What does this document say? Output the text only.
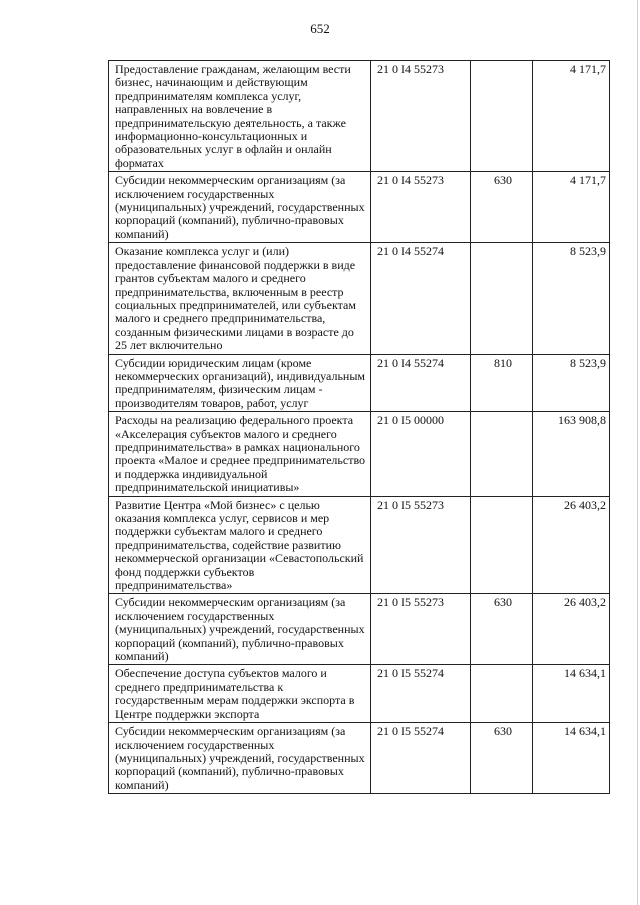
652
Предоставление гражданам, желающим вести бизнес, начинающим и действующим предпринимателям комплекса услуг, направленных на вовлечение в предпринимательскую деятельность, а также информационно-консультационных и образовательных услуг в офлайн и онлайн форматах	21 0 I4 55273		4 171,7
Субсидии некоммерческим организациям (за исключением государственных (муниципальных) учреждений, государственных корпораций (компаний), публично-правовых компаний)	21 0 I4 55273	630	4 171,7
Оказание комплекса услуг и (или) предоставление финансовой поддержки в виде грантов субъектам малого и среднего предпринимательства, включенным в реестр социальных предпринимателей, или субъектам малого и среднего предпринимательства, созданным физическими лицами в возрасте до 25 лет включительно	21 0 I4 55274		8 523,9
Субсидии юридическим лицам (кроме некоммерческих организаций), индивидуальным предпринимателям, физическим лицам - производителям товаров, работ, услуг	21 0 I4 55274	810	8 523,9
Расходы на реализацию федерального проекта «Акселерация субъектов малого и среднего предпринимательства» в рамках национального проекта «Малое и среднее предпринимательство и поддержка индивидуальной предпринимательской инициативы»	21 0 I5 00000		163 908,8
Развитие Центра «Мой бизнес» с целью оказания комплекса услуг, сервисов и мер поддержки субъектам малого и среднего предпринимательства, содействие развитию некоммерческой организации «Севастопольский фонд поддержки субъектов предпринимательства»	21 0 I5 55273		26 403,2
Субсидии некоммерческим организациям (за исключением государственных (муниципальных) учреждений, государственных корпораций (компаний), публично-правовых компаний)	21 0 I5 55273	630	26 403,2
Обеспечение доступа субъектов малого и среднего предпринимательства к государственным мерам поддержки экспорта в Центре поддержки экспорта	21 0 I5 55274		14 634,1
Субсидии некоммерческим организациям (за исключением государственных (муниципальных) учреждений, государственных корпораций (компаний), публично-правовых компаний)	21 0 I5 55274	630	14 634,1
